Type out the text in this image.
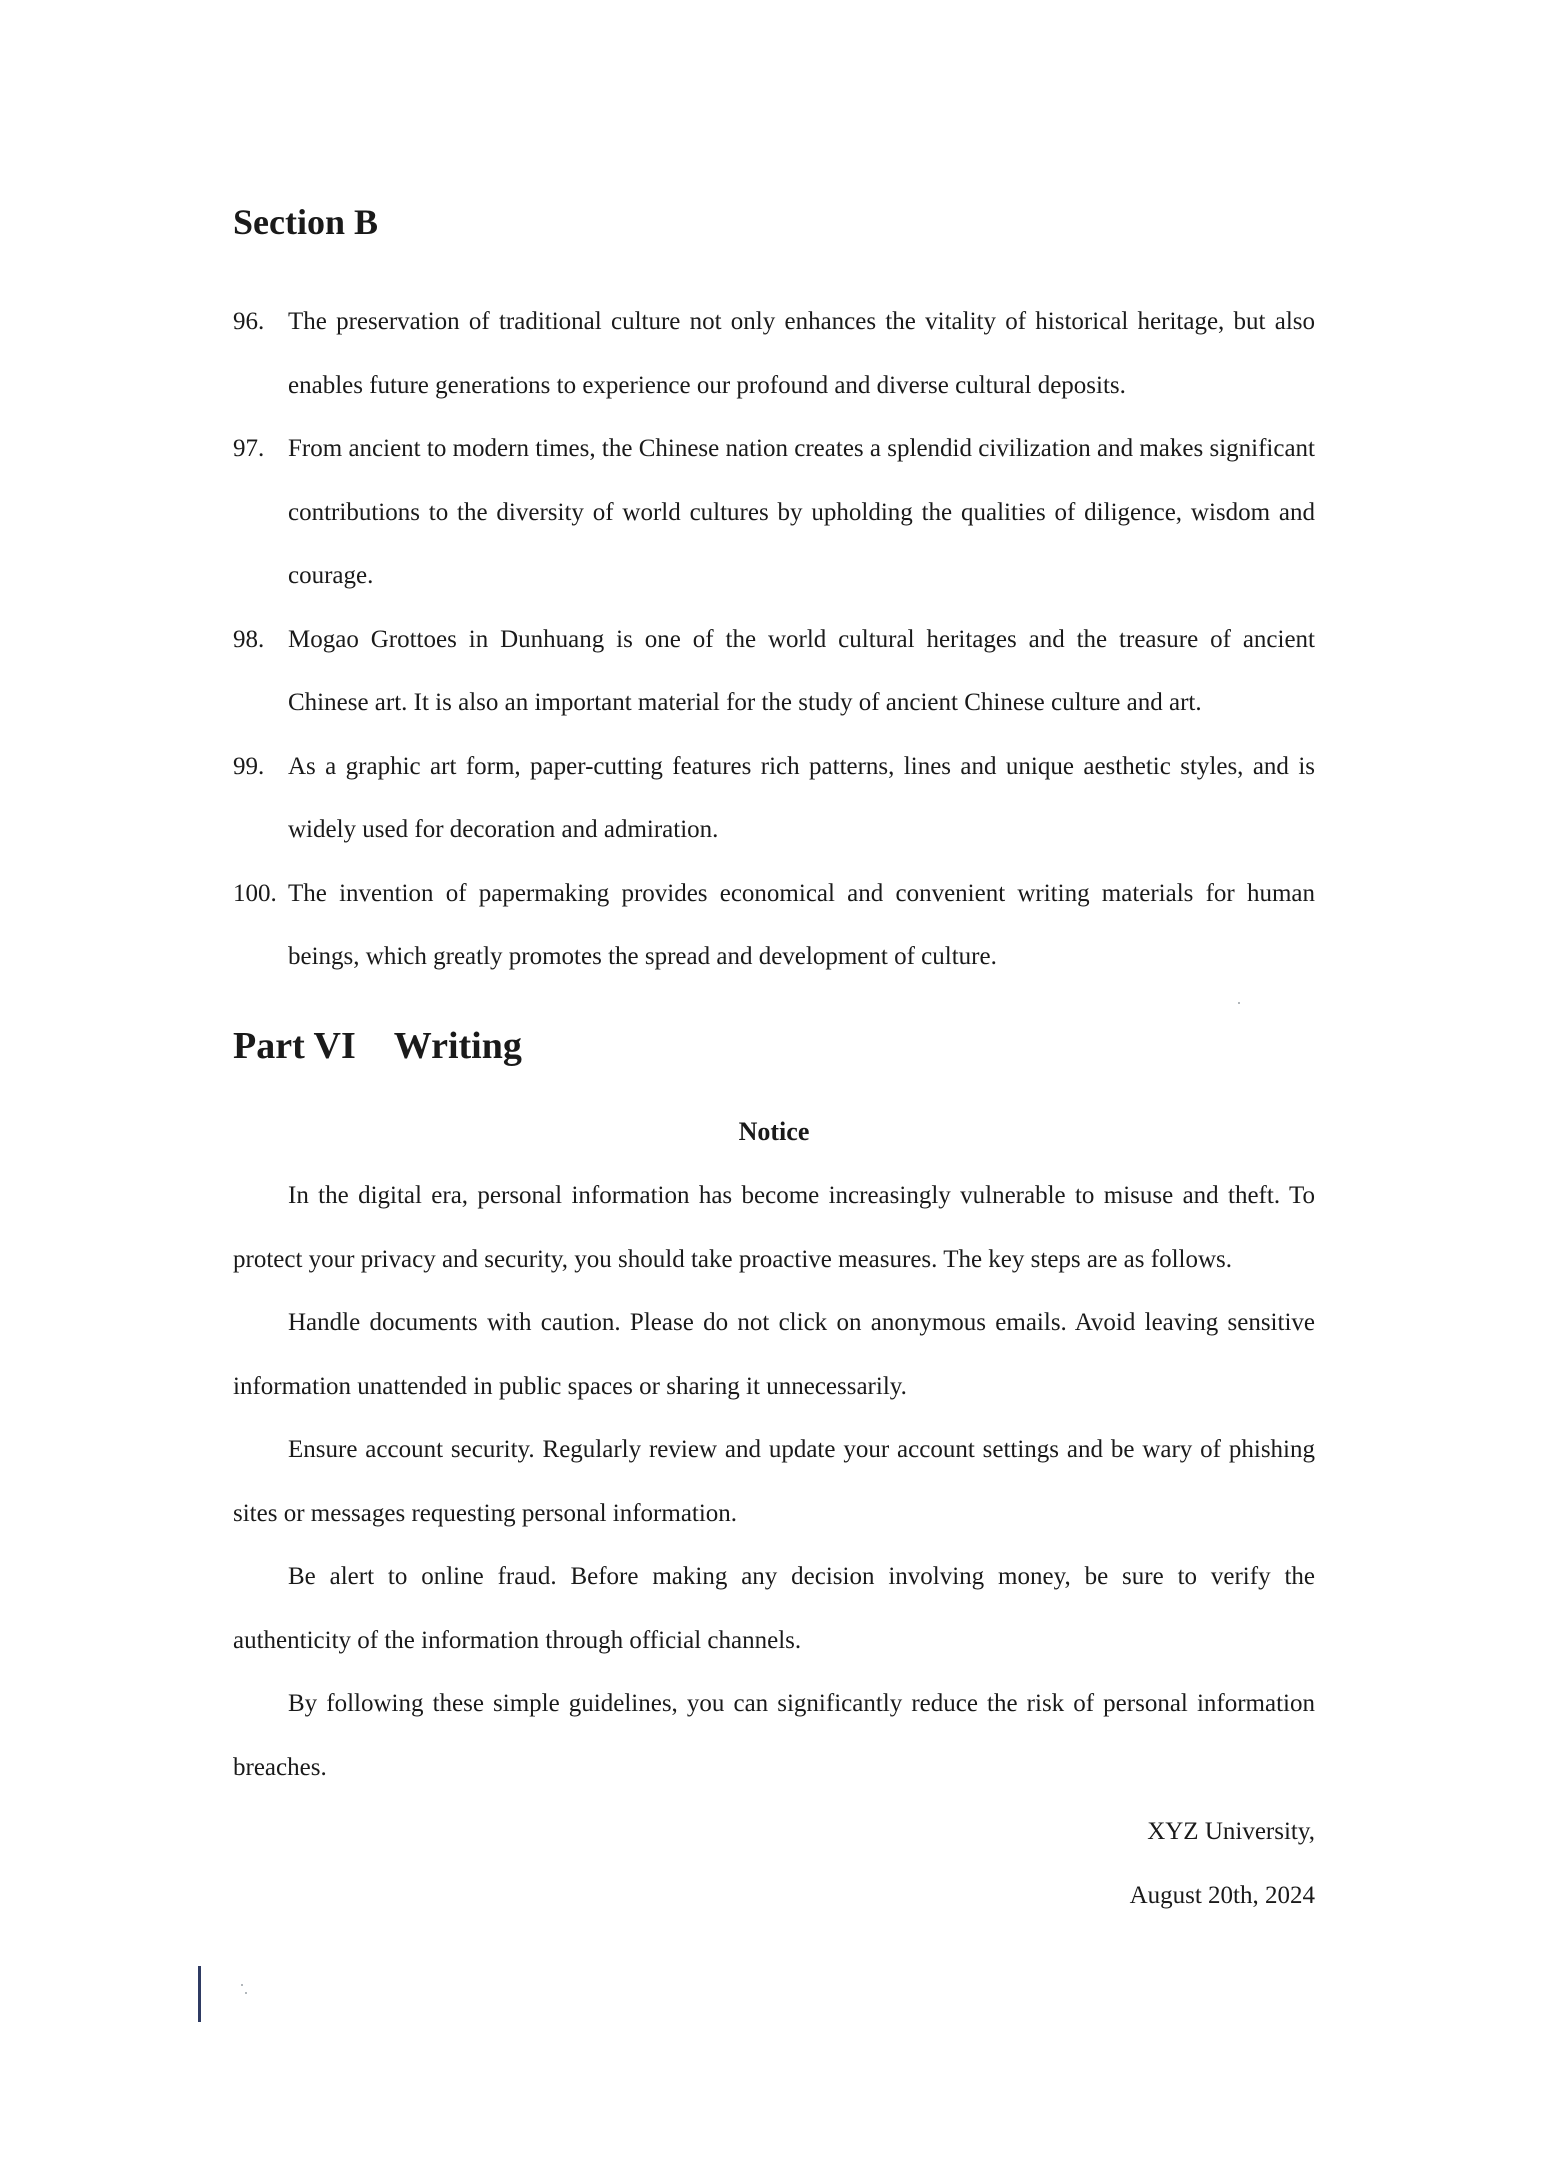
Section B
96. The preservation of traditional culture not only enhances the vitality of historical heritage, but also enables future generations to experience our profound and diverse cultural deposits.
97. From ancient to modern times, the Chinese nation creates a splendid civilization and makes significant contributions to the diversity of world cultures by upholding the qualities of diligence, wisdom and courage.
98. Mogao Grottoes in Dunhuang is one of the world cultural heritages and the treasure of ancient Chinese art. It is also an important material for the study of ancient Chinese culture and art.
99. As a graphic art form, paper-cutting features rich patterns, lines and unique aesthetic styles, and is widely used for decoration and admiration.
100. The invention of papermaking provides economical and convenient writing materials for human beings, which greatly promotes the spread and development of culture.
Part VI Writing
Notice

In the digital era, personal information has become increasingly vulnerable to misuse and theft. To protect your privacy and security, you should take proactive measures. The key steps are as follows.

Handle documents with caution. Please do not click on anonymous emails. Avoid leaving sensitive information unattended in public spaces or sharing it unnecessarily.

Ensure account security. Regularly review and update your account settings and be wary of phishing sites or messages requesting personal information.

Be alert to online fraud. Before making any decision involving money, be sure to verify the authenticity of the information through official channels.

By following these simple guidelines, you can significantly reduce the risk of personal information breaches.

XYZ University,
August 20th, 2024
